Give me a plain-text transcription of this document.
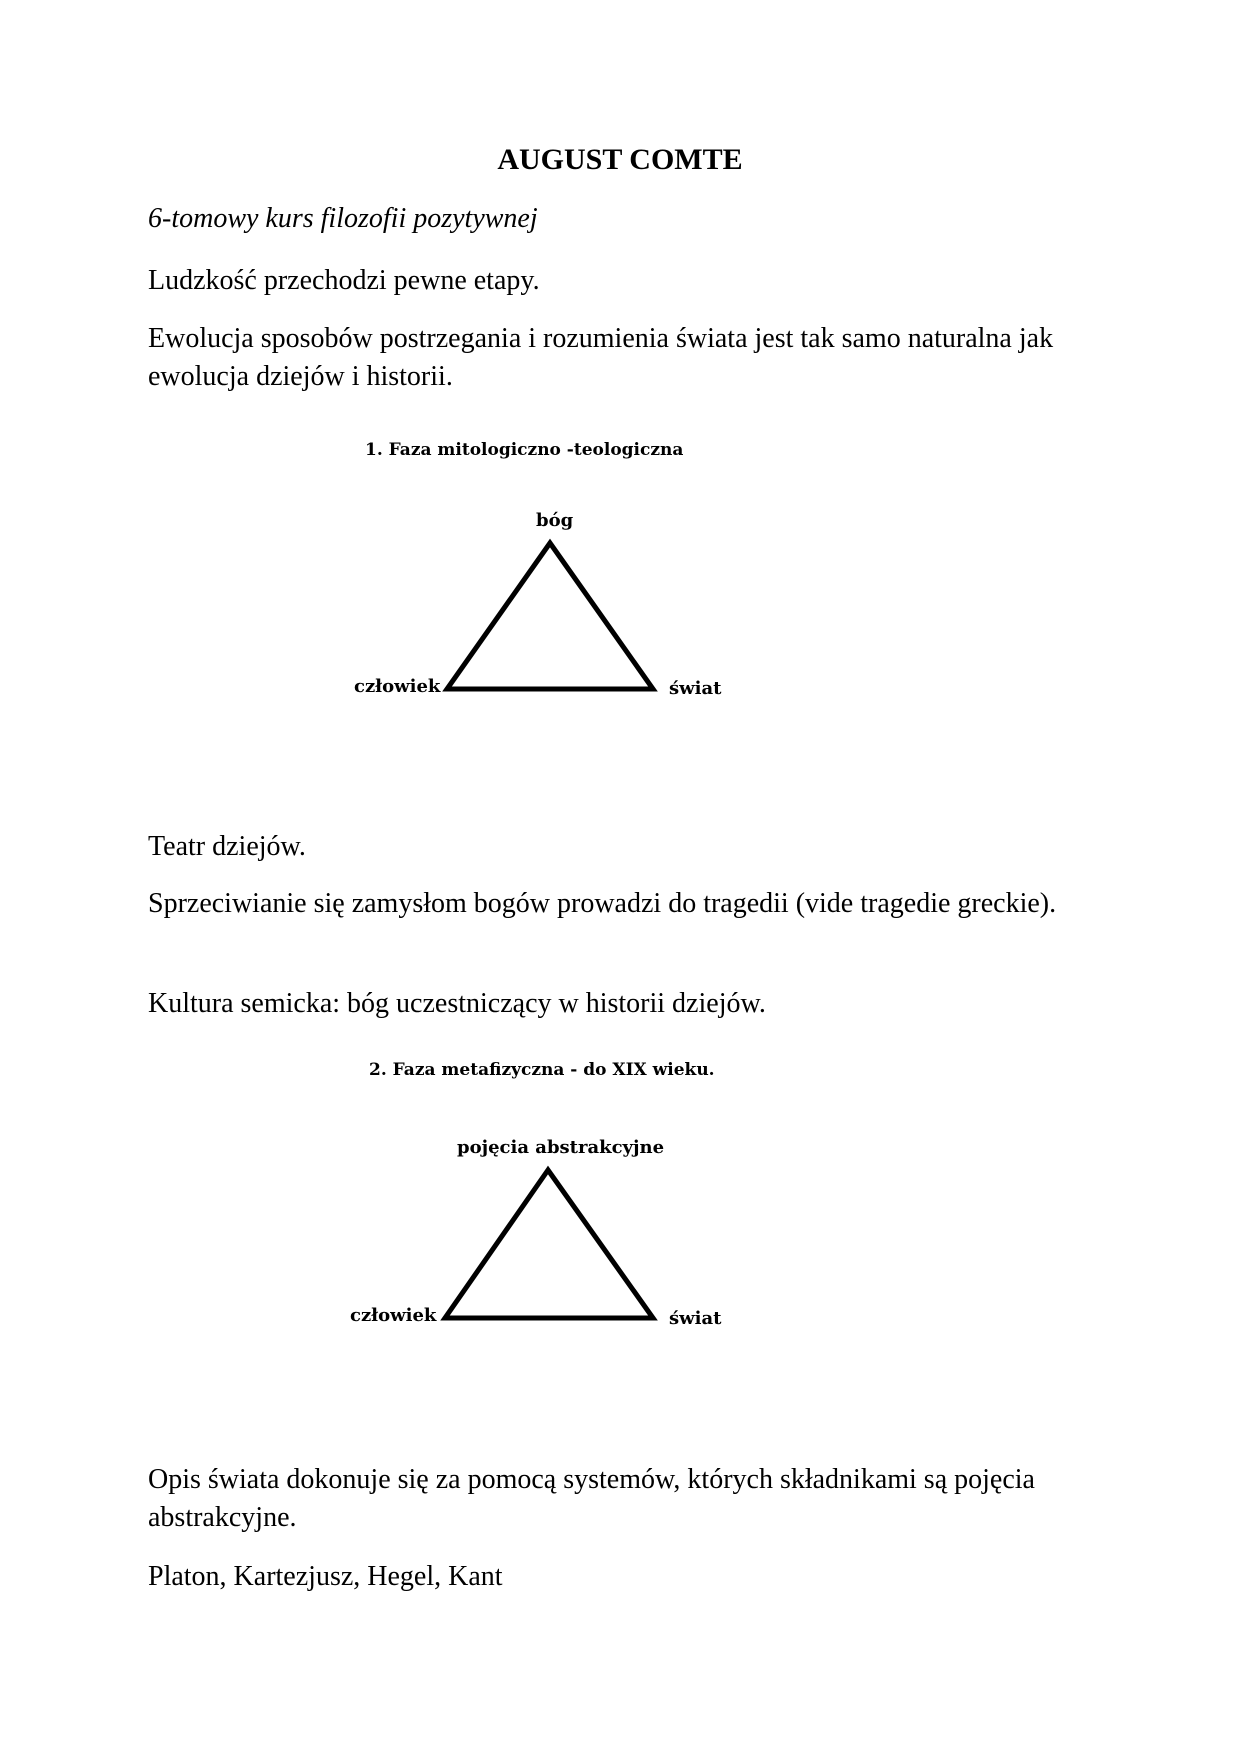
AUGUST COMTE

6-tomowy kurs filozofii pozytywnej

Ludzkość przechodzi pewne etapy.

Ewolucja sposobów postrzegania i rozumienia świata jest tak samo naturalna jak ewolucja dziejów i historii.

1. Faza mitologiczno -teologiczna
bóg
człowiek	świat

Teatr dziejów.

Sprzeciwianie się zamysłom bogów prowadzi do tragedii (vide tragedie greckie).

Kultura semicka: bóg uczestniczący w historii dziejów.

2. Faza metafizyczna - do XIX wieku.
pojęcia abstrakcyjne
człowiek	świat

Opis świata dokonuje się za pomocą systemów, których składnikami są pojęcia abstrakcyjne.

Platon, Kartezjusz, Hegel, Kant
